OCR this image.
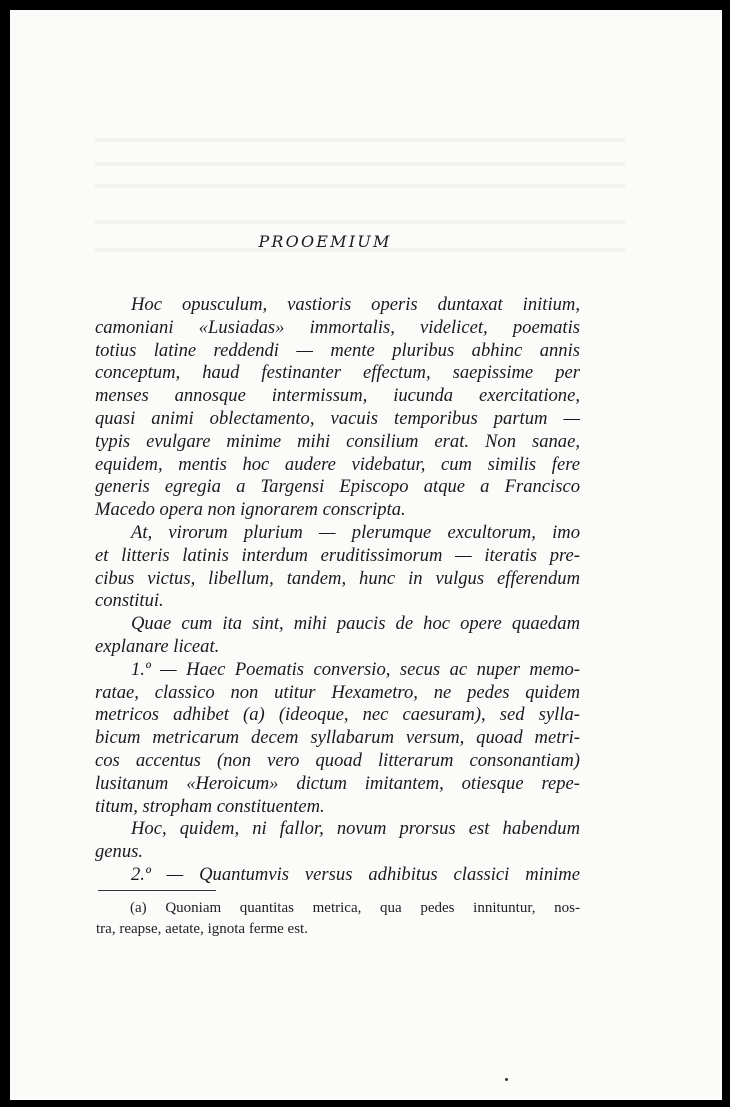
PROOEMIUM
Hoc opusculum, vastioris operis duntaxat initium,
camoniani «Lusiadas» immortalis, videlicet, poematis
totius latine reddendi — mente pluribus abhinc annis
conceptum, haud festinanter effectum, saepissime per
menses annosque intermissum, iucunda exercitatione,
quasi animi oblectamento, vacuis temporibus partum —
typis evulgare minime mihi consilium erat. Non sanae,
equidem, mentis hoc audere videbatur, cum similis fere
generis egregia a Targensi Episcopo atque a Francisco
Macedo opera non ignorarem conscripta.
At, virorum plurium — plerumque excultorum, imo
et litteris latinis interdum eruditissimorum — iteratis pre-
cibus victus, libellum, tandem, hunc in vulgus efferendum
constitui.
Quae cum ita sint, mihi paucis de hoc opere quaedam
explanare liceat.
1.º — Haec Poematis conversio, secus ac nuper memo-
ratae, classico non utitur Hexametro, ne pedes quidem
metricos adhibet (a) (ideoque, nec caesuram), sed sylla-
bicum metricarum decem syllabarum versum, quoad metri-
cos accentus (non vero quoad litterarum consonantiam)
lusitanum «Heroicum» dictum imitantem, otiesque repe-
titum, stropham constituentem.
Hoc, quidem, ni fallor, novum prorsus est habendum
genus.
2.º — Quantumvis versus adhibitus classici minime
(a) Quoniam quantitas metrica, qua pedes innituntur, nos-
tra, reapse, aetate, ignota ferme est.
